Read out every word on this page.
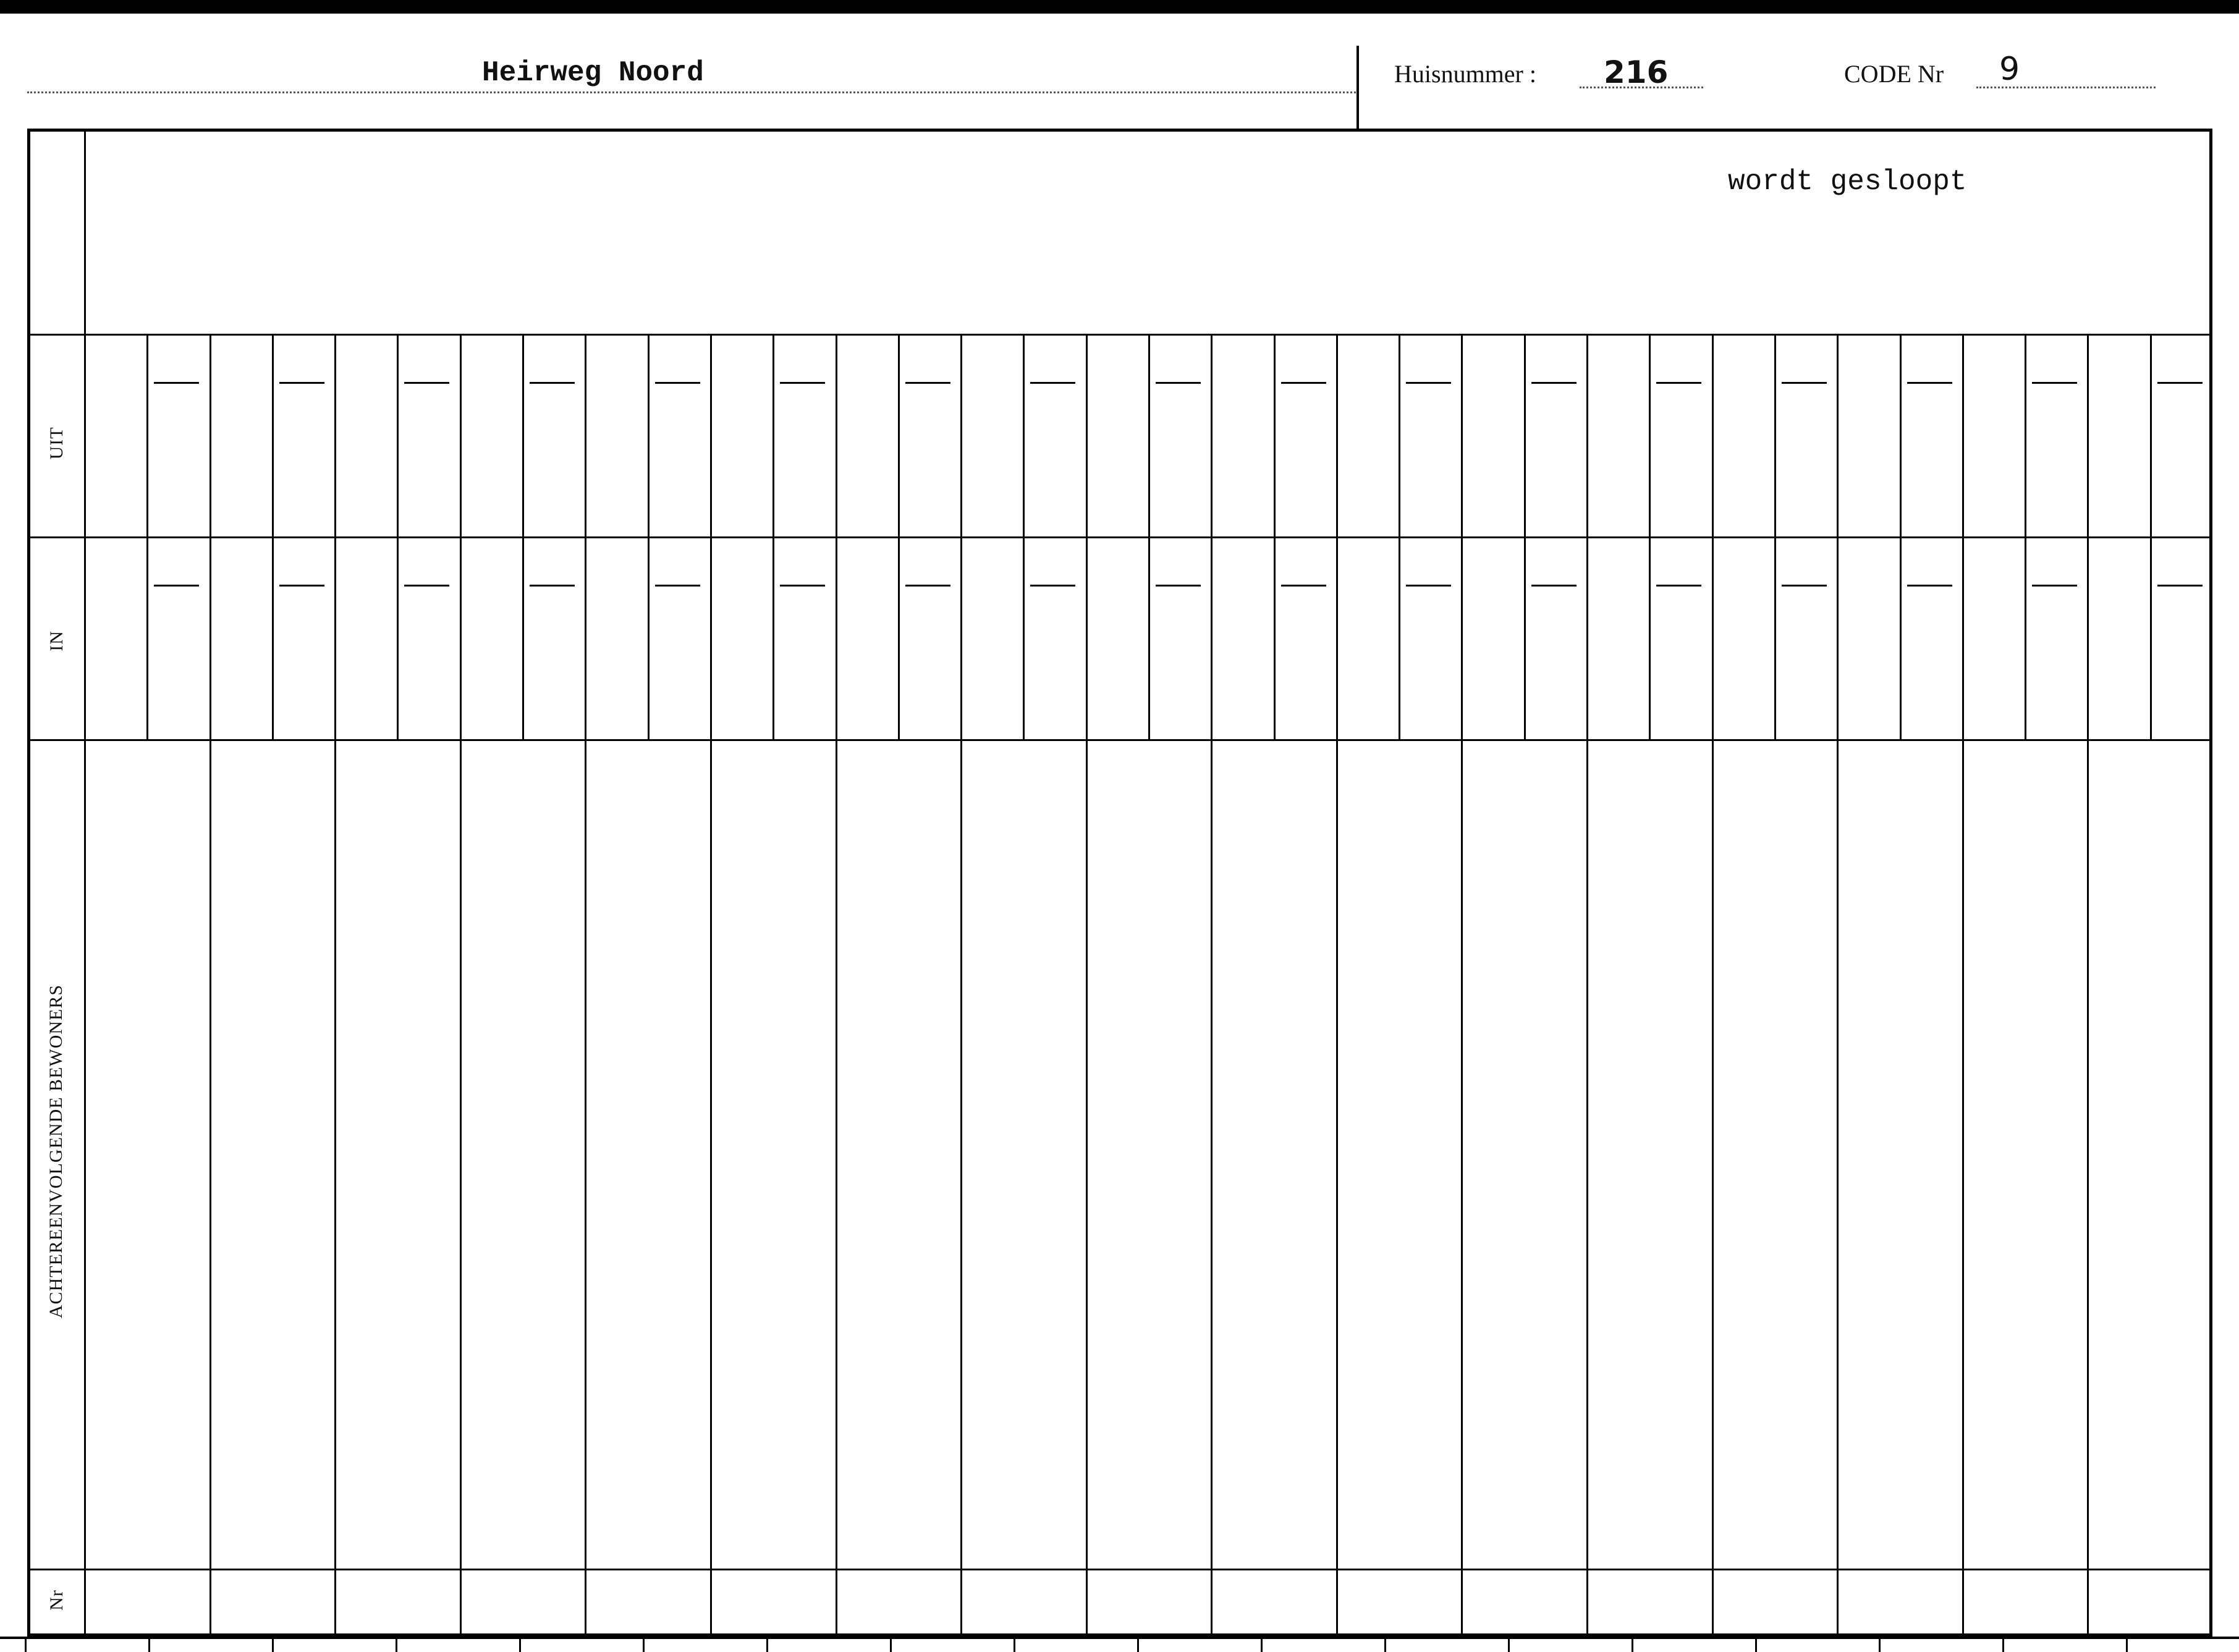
Heirweg Noord	Huisnummer : 216	CODE Nr 9
wordt gesloopt
UIT
IN
ACHTEREENVOLGENDE BEWONERS
Nr
